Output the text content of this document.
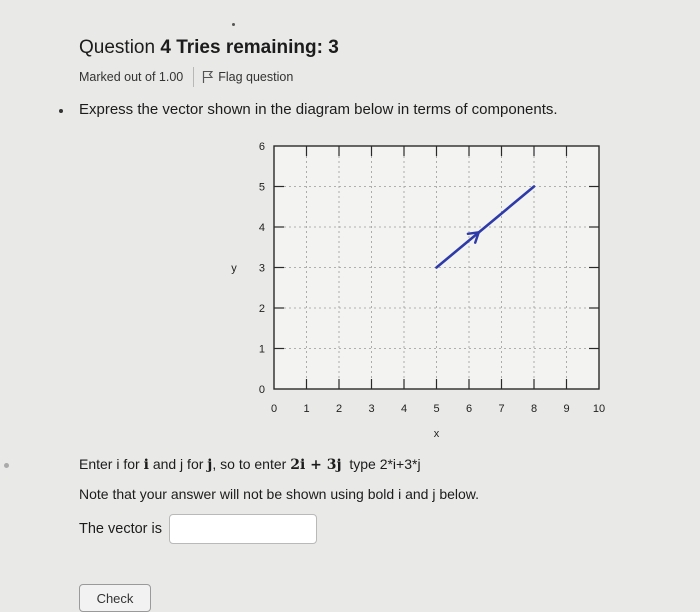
Question 4 Tries remaining: 3
Marked out of 1.00	Flag question
Express the vector shown in the diagram below in terms of components.
0 1 2 3 4 5 6 7 8 9 10
0
1
2
3
4
5
6
x
y
Enter i for i and j for j, so to enter 2i + 3j type 2*i+3*j
Note that your answer will not be shown using bold i and j below.
The vector is
Check
